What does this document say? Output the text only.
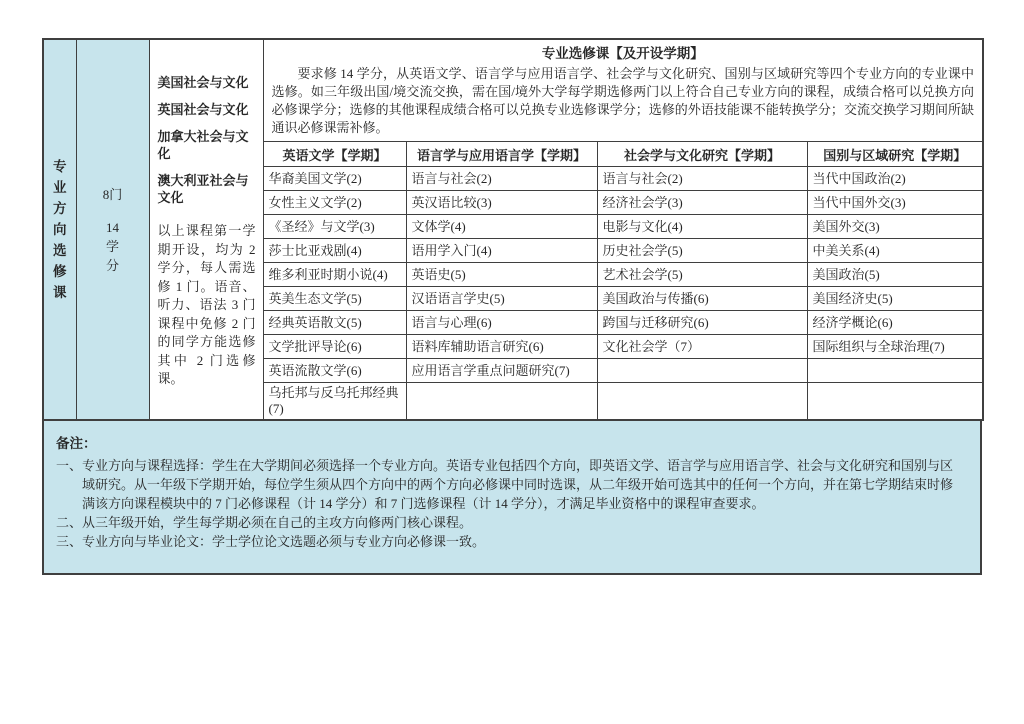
专
业
方
向
选
修
课

8门
14
学
分

美国社会与文化
英国社会与文化
加拿大社会与文化
澳大利亚社会与文化
以上课程第一学期开设，均为 2 学分，每人需选修 1 门。语音、听力、语法 3 门课程中免修 2 门的同学方能选修其中 2 门选修课。

专业选修课【及开设学期】
要求修 14 学分，从英语文学、语言学与应用语言学、社会学与文化研究、国别与区域研究等四个专业方向的专业课中选修。如三年级出国/境交流交换，需在国/境外大学每学期选修两门以上符合自己专业方向的课程，成绩合格可以兑换方向必修课学分；选修的其他课程成绩合格可以兑换专业选修课学分；选修的外语技能课不能转换学分；交流交换学习期间所缺通识必修课需补修。

			英语文学【学期】	语言学与应用语言学【学期】	社会学与文化研究【学期】	国别与区域研究【学期】
			华裔美国文学(2)	语言与社会(2)	语言与社会(2)	当代中国政治(2)
			女性主义文学(2)	英汉语比较(3)	经济社会学(3)	当代中国外交(3)
			《圣经》与文学(3)	文体学(4)	电影与文化(4)	美国外交(3)
			莎士比亚戏剧(4)	语用学入门(4)	历史社会学(5)	中美关系(4)
			维多利亚时期小说(4)	英语史(5)	艺术社会学(5)	美国政治(5)
			英美生态文学(5)	汉语语言学史(5)	美国政治与传播(6)	美国经济史(5)
			经典英语散文(5)	语言与心理(6)	跨国与迁移研究(6)	经济学概论(6)
			文学批评导论(6)	语料库辅助语言研究(6)	文化社会学（7）	国际组织与全球治理(7)
			英语流散文学(6)	应用语言学重点问题研究(7)		
			乌托邦与反乌托邦经典(7)			
备注：
一、 专业方向与课程选择：学生在大学期间必须选择一个专业方向。英语专业包括四个方向，即英语文学、语言学与应用语言学、社会与文化研究和国别与区域研究。从一年级下学期开始，每位学生须从四个方向中的两个方向必修课中同时选课，从二年级开始可选其中的任何一个方向，并在第七学期结束时修满该方向课程模块中的 7 门必修课程（计 14 学分）和 7 门选修课程（计 14 学分），才满足毕业资格中的课程审查要求。
二、 从三年级开始，学生每学期必须在自己的主攻方向修两门核心课程。
三、 专业方向与毕业论文：学士学位论文选题必须与专业方向必修课一致。
